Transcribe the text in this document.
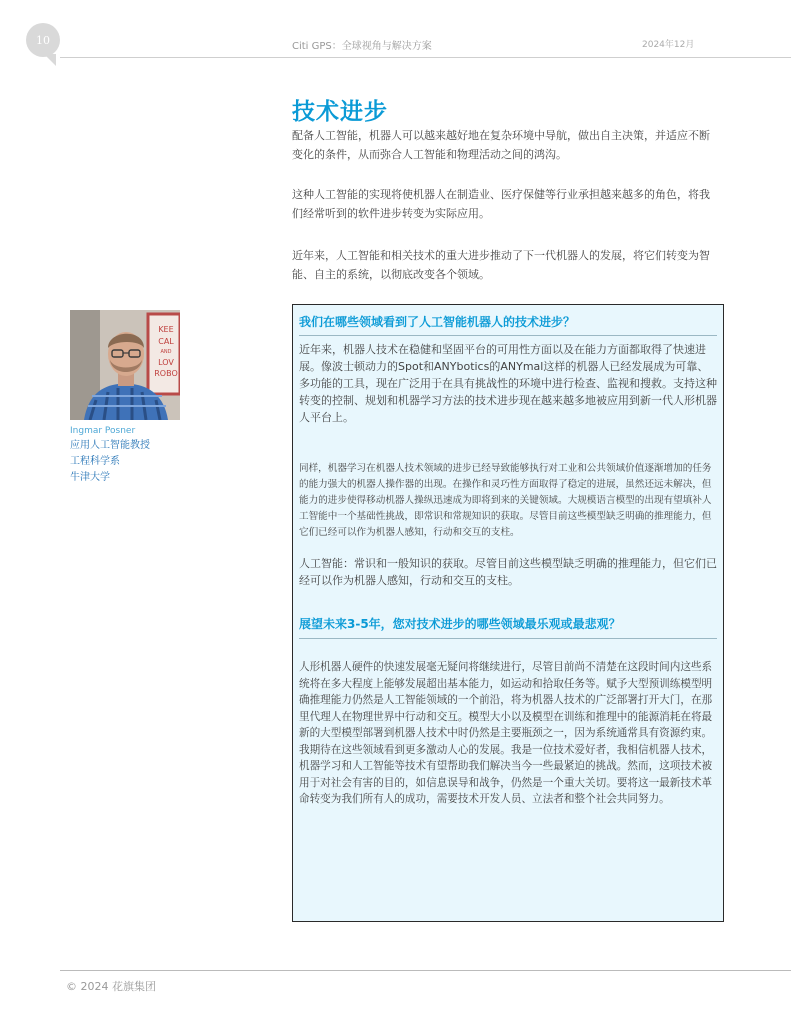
10	Citi GPS：全球视角与解决方案	2024年12月
技术进步

配备人工智能，机器人可以越来越好地在复杂环境中导航，做出自主决策，并适应不断变化的条件，从而弥合人工智能和物理活动之间的鸿沟。

这种人工智能的实现将使机器人在制造业、医疗保健等行业承担越来越多的角色，将我们经常听到的软件进步转变为实际应用。

近年来，人工智能和相关技术的重大进步推动了下一代机器人的发展，将它们转变为智能、自主的系统，以彻底改变各个领域。

KEE
CAL
AND
LOV
ROBO
Ingmar Posner
应用人工智能教授
工程科学系
牛津大学
我们在哪些领域看到了人工智能机器人的技术进步？

近年来，机器人技术在稳健和坚固平台的可用性方面以及在能力方面都取得了快速进展。像波士顿动力的Spot和ANYbotics的ANYmal这样的机器人已经发展成为可靠、多功能的工具，现在广泛用于在具有挑战性的环境中进行检查、监视和搜救。支持这种转变的控制、规划和机器学习方法的技术进步现在越来越多地被应用到新一代人形机器人平台上。

同样，机器学习在机器人技术领域的进步已经导致能够执行对工业和公共领域价值逐渐增加的任务的能力强大的机器人操作器的出现。在操作和灵巧性方面取得了稳定的进展，虽然还远未解决，但能力的进步使得移动机器人操纵迅速成为即将到来的关键领域。大规模语言模型的出现有望填补人工智能中一个基础性挑战，即常识和常规知识的获取。尽管目前这些模型缺乏明确的推理能力，但它们已经可以作为机器人感知，行动和交互的支柱。

人工智能：常识和一般知识的获取。尽管目前这些模型缺乏明确的推理能力，但它们已经可以作为机器人感知，行动和交互的支柱。

展望未来3-5年，您对技术进步的哪些领域最乐观或最悲观？

人形机器人硬件的快速发展毫无疑问将继续进行，尽管目前尚不清楚在这段时间内这些系统将在多大程度上能够发展超出基本能力，如运动和拾取任务等。赋予大型预训练模型明确推理能力仍然是人工智能领域的一个前沿，将为机器人技术的广泛部署打开大门，在那里代理人在物理世界中行动和交互。模型大小以及模型在训练和推理中的能源消耗在将最新的大型模型部署到机器人技术中时仍然是主要瓶颈之一，因为系统通常具有资源约束。我期待在这些领域看到更多激动人心的发展。我是一位技术爱好者，我相信机器人技术，机器学习和人工智能等技术有望帮助我们解决当今一些最紧迫的挑战。然而，这项技术被用于对社会有害的目的，如信息误导和战争，仍然是一个重大关切。要将这一最新技术革命转变为我们所有人的成功，需要技术开发人员、立法者和整个社会共同努力。

© 2024 花旗集团
